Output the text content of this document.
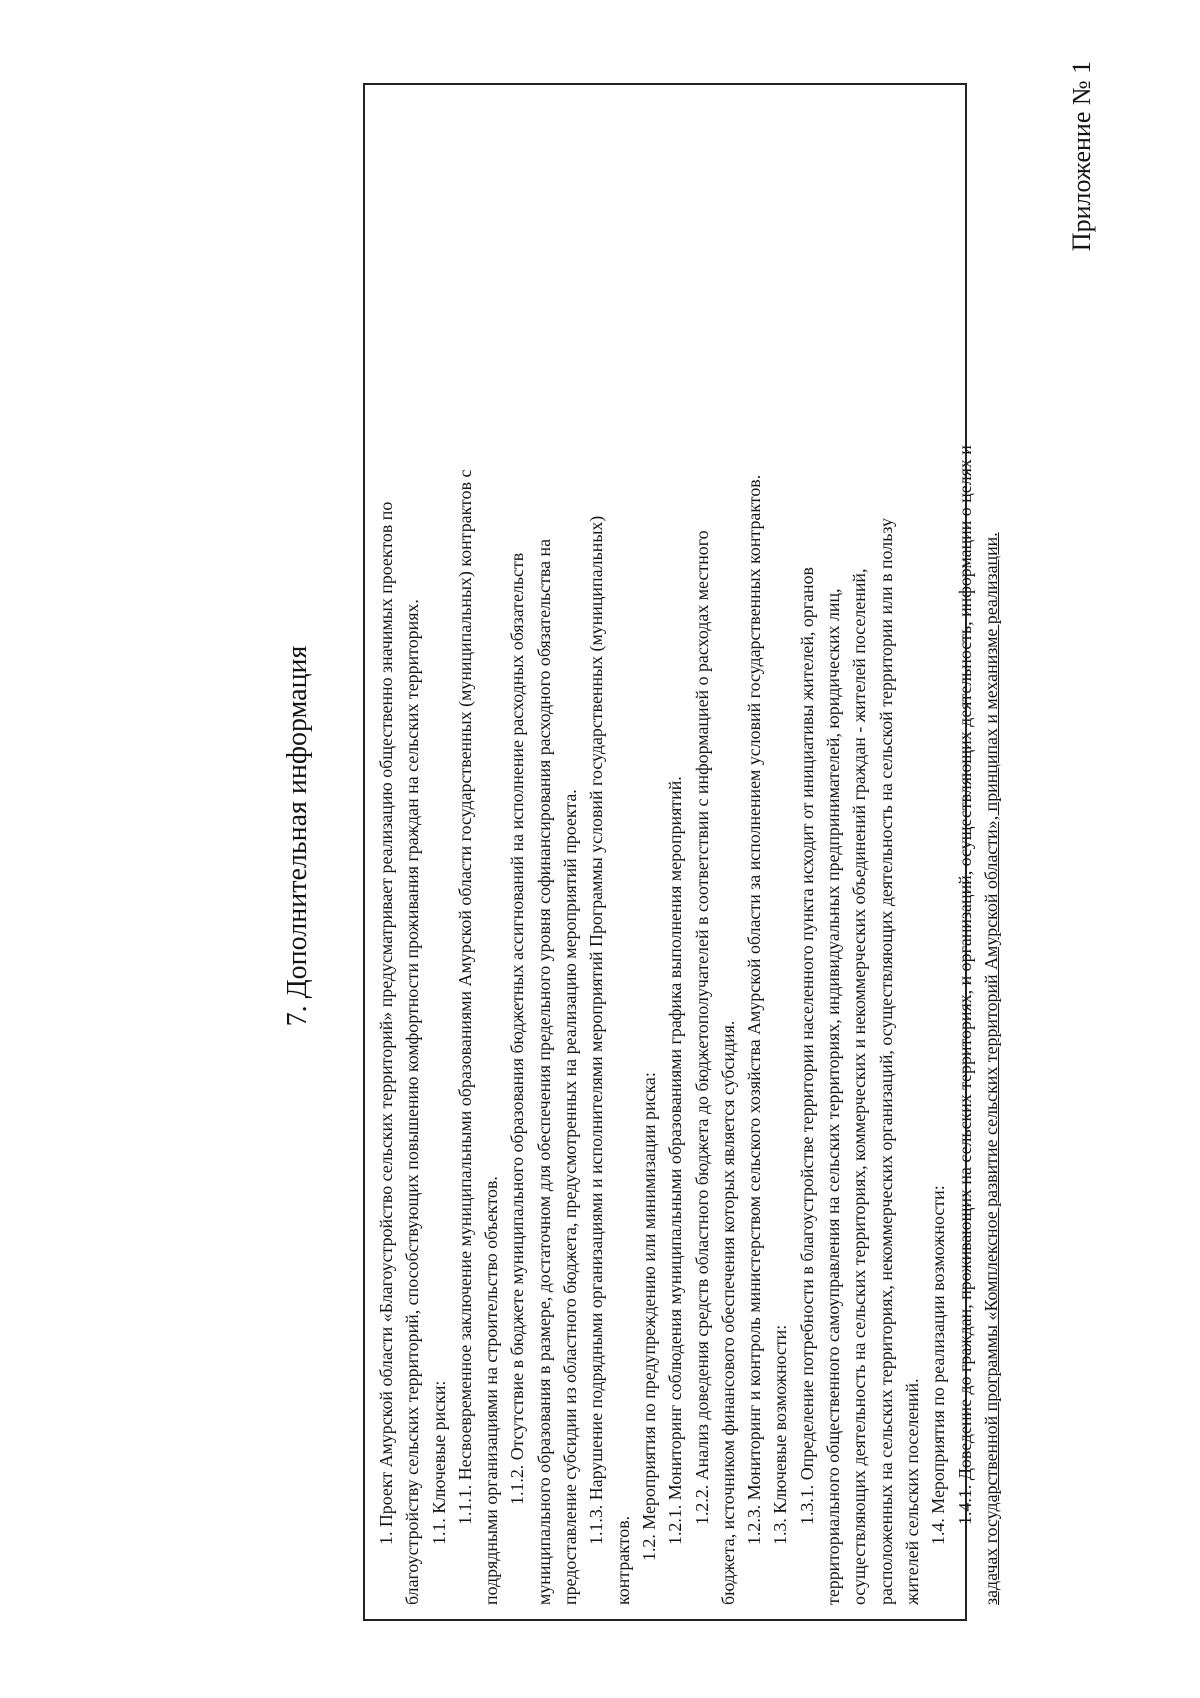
7. Дополнительная информация	1. Проект Амурской области «Благоустройство сельских территорий» предусматривает реализацию общественно значимых проектов по благоустройству сельских территорий, способствующих повышению комфортности проживания граждан на сельских территориях. 1.1. Ключевые риски: 1.1.1. Несвоевременное заключение муниципальными образованиями Амурской области государственных (муниципальных) контрактов с подрядными организациями на строительство объектов. 1.1.2. Отсутствие в бюджете муниципального образования бюджетных ассигнований на исполнение расходных обязательств муниципального образования в размере, достаточном для обеспечения предельного уровня софинансирования расходного обязательства на предоставление субсидии из областного бюджета, предусмотренных на реализацию мероприятий проекта. 1.1.3. Нарушение подрядными организациями и исполнителями мероприятий Программы условий государственных (муниципальных)
контрактов. 1.2. Мероприятия по предупреждению или минимизации риска: 1.2.1. Мониторинг соблюдения муниципальными образованиями графика выполнения мероприятий. 1.2.2. Анализ доведения средств областного бюджета до бюджетополучателей в соответствии с информацией о расходах местного бюджета, источником финансового обеспечения которых является субсидия. 1.2.3. Мониторинг и контроль министерством сельского хозяйства Амурской области за исполнением условий государственных контрактов. 1.3. Ключевые возможности: 1.3.1. Определение потребности в благоустройстве территории населенного пункта исходит от инициативы жителей, органов территориального общественного самоуправления на сельских территориях, индивидуальных предпринимателей, юридических лиц, осуществляющих деятельность на сельских территориях, коммерческих и некоммерческих объединений граждан - жителей поселений, расположенных на сельских территориях, некоммерческих организаций, осуществляющих деятельность на сельской территории или в пользу жителей сельских поселений. 1.4. Мероприятия по реализации возможности: 1.4.1. Доведение до граждан, проживающих на сельских территориях, и организаций, осуществляющих деятельность, информации о целях и задачах государственной программы «Комплексное развитие сельских территорий Амурской области», принципах и механизме реализации.
Приложение № 1
